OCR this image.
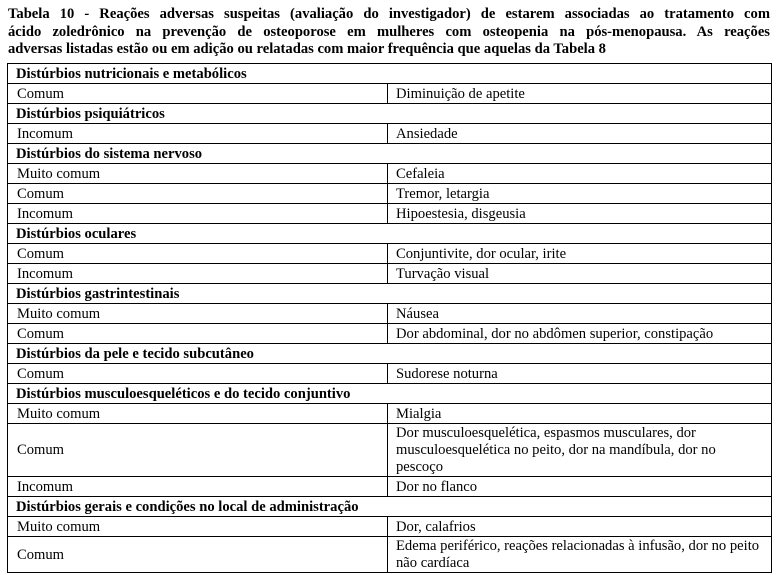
Tabela 10 - Reações adversas suspeitas (avaliação do investigador) de estarem associadas ao tratamento com
ácido zoledrônico na prevenção de osteoporose em mulheres com osteopenia na pós-menopausa. As reações
adversas listadas estão ou em adição ou relatadas com maior frequência que aquelas da Tabela 8
Distúrbios nutricionais e metabólicos	
Comum	Diminuição de apetite
Distúrbios psiquiátricos	
Incomum	Ansiedade
Distúrbios do sistema nervoso	
Muito comum	Cefaleia
Comum	Tremor, letargia
Incomum	Hipoestesia, disgeusia
Distúrbios oculares	
Comum	Conjuntivite, dor ocular, irite
Incomum	Turvação visual
Distúrbios gastrintestinais	
Muito comum	Náusea
Comum	Dor abdominal, dor no abdômen superior, constipação
Distúrbios da pele e tecido subcutâneo	
Comum	Sudorese noturna
Distúrbios musculoesqueléticos e do tecido conjuntivo	
Muito comum	Mialgia
Comum	Dor musculoesquelética, espasmos musculares, dor musculoesquelética no peito, dor na mandíbula, dor no pescoço
Incomum	Dor no flanco
Distúrbios gerais e condições no local de administração	
Muito comum	Dor, calafrios
Comum	Edema periférico, reações relacionadas à infusão, dor no peito não cardíaca
